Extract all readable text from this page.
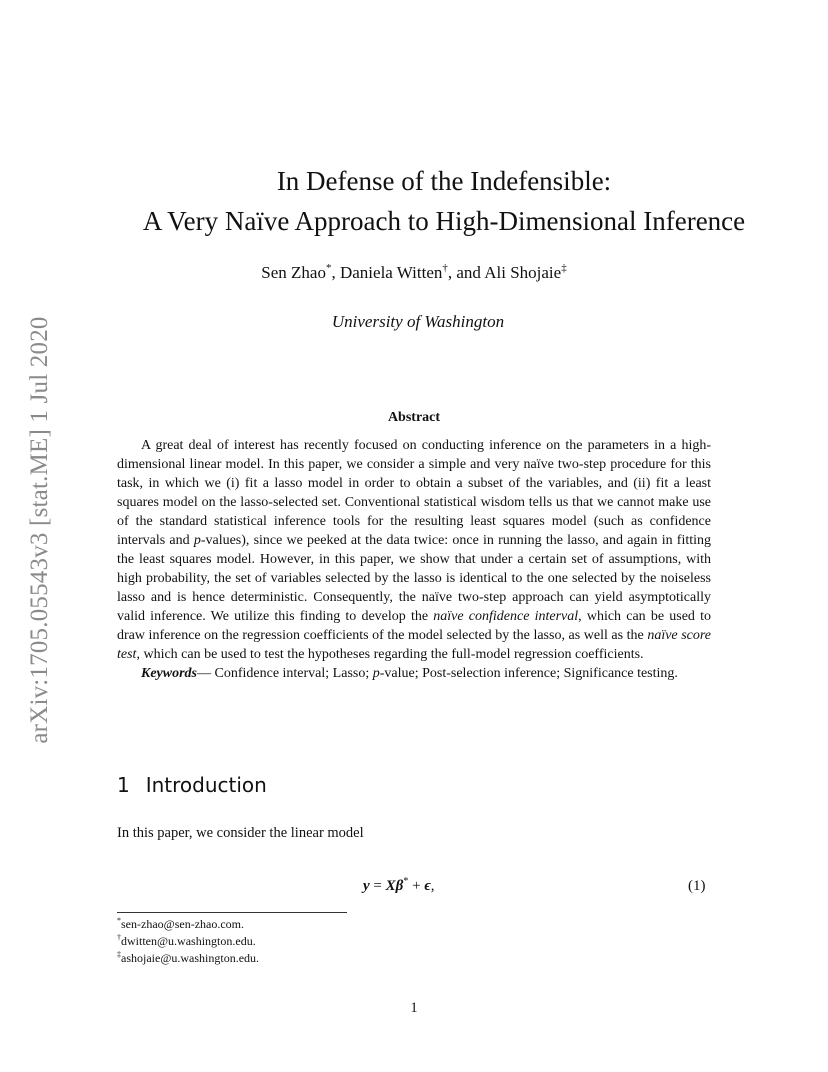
arXiv:1705.05543v3 [stat.ME] 1 Jul 2020
In Defense of the Indefensible:
A Very Naïve Approach to High-Dimensional Inference
Sen Zhao*, Daniela Witten†, and Ali Shojaie‡
University of Washington
Abstract

A great deal of interest has recently focused on conducting inference on the parameters in a high-dimensional linear model. In this paper, we consider a simple and very naïve two-step procedure for this task, in which we (i) fit a lasso model in order to obtain a subset of the variables, and (ii) fit a least squares model on the lasso-selected set. Conventional statistical wisdom tells us that we cannot make use of the standard statistical inference tools for the resulting least squares model (such as confidence intervals and p-values), since we peeked at the data twice: once in running the lasso, and again in fitting the least squares model. However, in this paper, we show that under a certain set of assumptions, with high probability, the set of variables selected by the lasso is identical to the one selected by the noiseless lasso and is hence deterministic. Consequently, the naïve two-step approach can yield asymptotically valid inference. We utilize this finding to develop the naïve confidence interval, which can be used to draw inference on the regression coefficients of the model selected by the lasso, as well as the naïve score test, which can be used to test the hypotheses regarding the full-model regression coefficients.

Keywords— Confidence interval; Lasso; p-value; Post-selection inference; Significance testing.

1 Introduction
In this paper, we consider the linear model
y = Xβ* + ϵ,	(1)
*sen-zhao@sen-zhao.com.
†dwitten@u.washington.edu.
‡ashojaie@u.washington.edu.
1
